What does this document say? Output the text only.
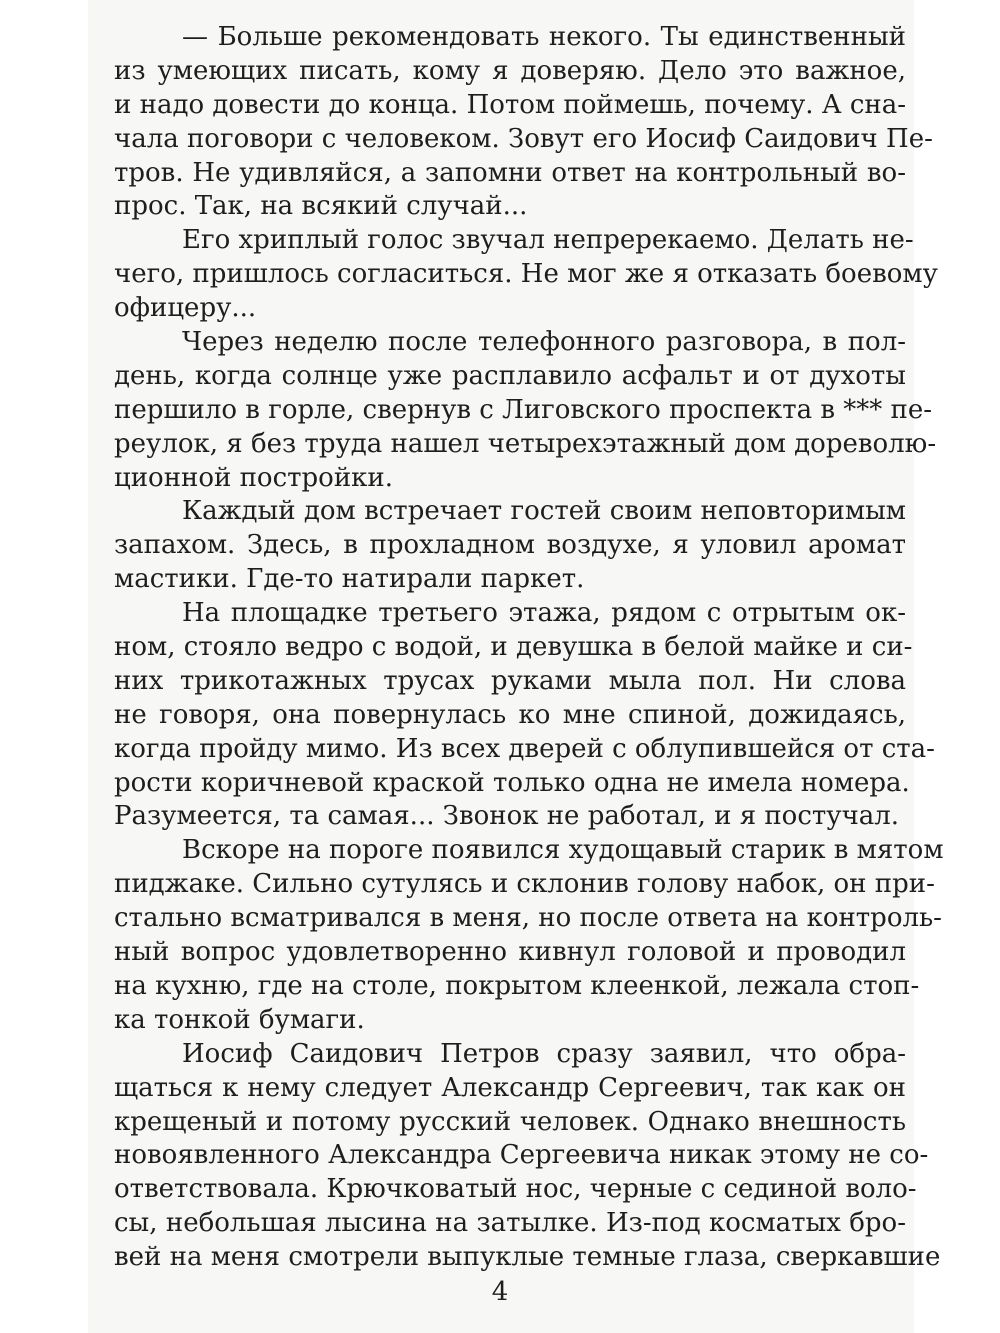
— Больше рекомендовать некого. Ты единственный
из умеющих писать, кому я доверяю. Дело это важное,
и надо довести до конца. Потом поймешь, почему. А сна-
чала поговори с человеком. Зовут его Иосиф Саидович Пе-
тров. Не удивляйся, а запомни ответ на контрольный во-
прос. Так, на всякий случай...
Его хриплый голос звучал непререкаемо. Делать не-
чего, пришлось согласиться. Не мог же я отказать боевому
офицеру...
Через неделю после телефонного разговора, в пол-
день, когда солнце уже расплавило асфальт и от духоты
першило в горле, свернув с Лиговского проспекта в *** пе-
реулок, я без труда нашел четырехэтажный дом дореволю-
ционной постройки.
Каждый дом встречает гостей своим неповторимым
запахом. Здесь, в прохладном воздухе, я уловил аромат
мастики. Где-то натирали паркет.
На площадке третьего этажа, рядом с отрытым ок-
ном, стояло ведро с водой, и девушка в белой майке и си-
них трикотажных трусах руками мыла пол. Ни слова
не говоря, она повернулась ко мне спиной, дожидаясь,
когда пройду мимо. Из всех дверей с облупившейся от ста-
рости коричневой краской только одна не имела номера.
Разумеется, та самая... Звонок не работал, и я постучал.
Вскоре на пороге появился худощавый старик в мятом
пиджаке. Сильно сутулясь и склонив голову набок, он при-
стально всматривался в меня, но после ответа на контроль-
ный вопрос удовлетворенно кивнул головой и проводил
на кухню, где на столе, покрытом клеенкой, лежала стоп-
ка тонкой бумаги.
Иосиф Саидович Петров сразу заявил, что обра-
щаться к нему следует Александр Сергеевич, так как он
крещеный и потому русский человек. Однако внешность
новоявленного Александра Сергеевича никак этому не со-
ответствовала. Крючковатый нос, черные с сединой воло-
сы, небольшая лысина на затылке. Из-под косматых бро-
вей на меня смотрели выпуклые темные глаза, сверкавшие
4
